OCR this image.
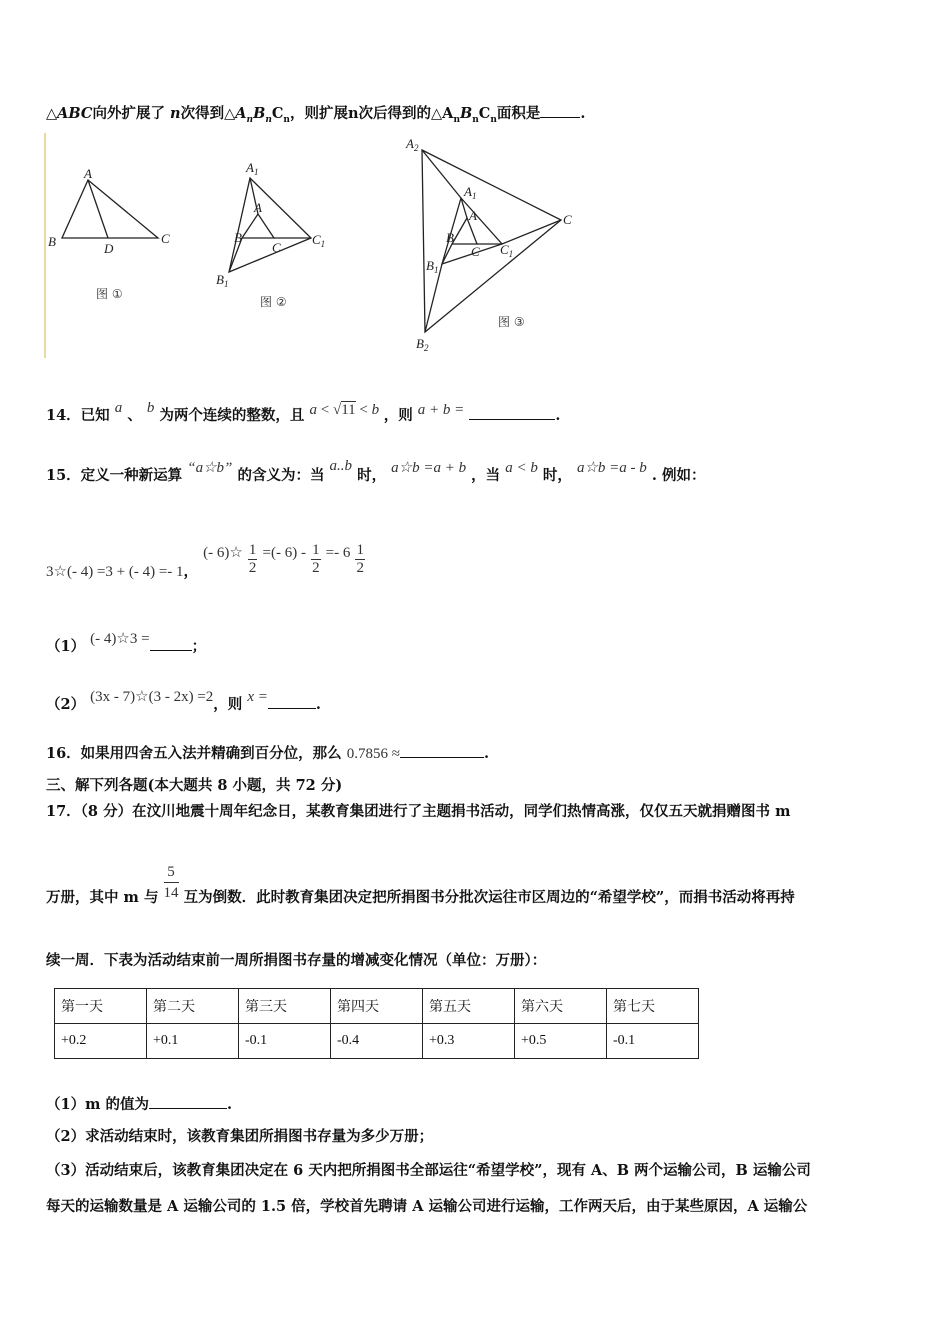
△ABC向外扩展了 n次得到$\triangle A_nB_nC_n$，则扩展n次后得到的$\triangle A_nB_nC_n$面积是	.
A
B	C
D
图 ①
$A_1$
A
B
C
$C_1$
$B_1$
图 ②
$A_2$
$A_1$
A
B
C $C_1$
$B_1$
C
$B_2$
图 ③
14．已知 a 、 b 为两个连续的整数，且 a < √11 < b ，则 a + b =	.
15．定义一种新运算 “a☆b” 的含义为：当 a..b 时， a☆b =a + b ，当 a < b 时， a☆b =a - b . 例如：
3☆(- 4) =3 + (- 4) =- 1， (- 6)☆ $\frac{1}{2}$ =(- $6) - \frac{1}{2} =- 6 \frac{1}{2}$
（1） (- 4)☆3 =	；
（2） (3x - 7)☆(3 - 2x) =2，则 x =	.
16．如果用四舍五入法并精确到百分位，那么 0.7856 ≈	.
三、解下列各题(本大题共 8 小题，共 72 分)
17．（8 分）在汶川地震十周年纪念日，某教育集团进行了主题捐书活动，同学们热情高涨，仅仅五天就捐赠图书 m
万册，其中 m 与 $\frac{5}{14}$ 互为倒数．此时教育集团决定把所捐图书分批次运往市区周边的“希望学校”，而捐书活动将再持
续一周．下表为活动结束前一周所捐图书存量的增减变化情况（单位：万册）：
第一天	第二天	第三天	第四天	第五天	第六天	第七天
+0.2	+0.1	-0.1	-0.4	+0.3	+0.5	-0.1
（1）m 的值为	.
（2）求活动结束时，该教育集团所捐图书存量为多少万册；
（3）活动结束后，该教育集团决定在 6 天内把所捐图书全部运往“希望学校”，现有 A、B 两个运输公司，B 运输公司
每天的运输数量是 A 运输公司的 1.5 倍，学校首先聘请 A 运输公司进行运输，工作两天后，由于某些原因，A 运输公
